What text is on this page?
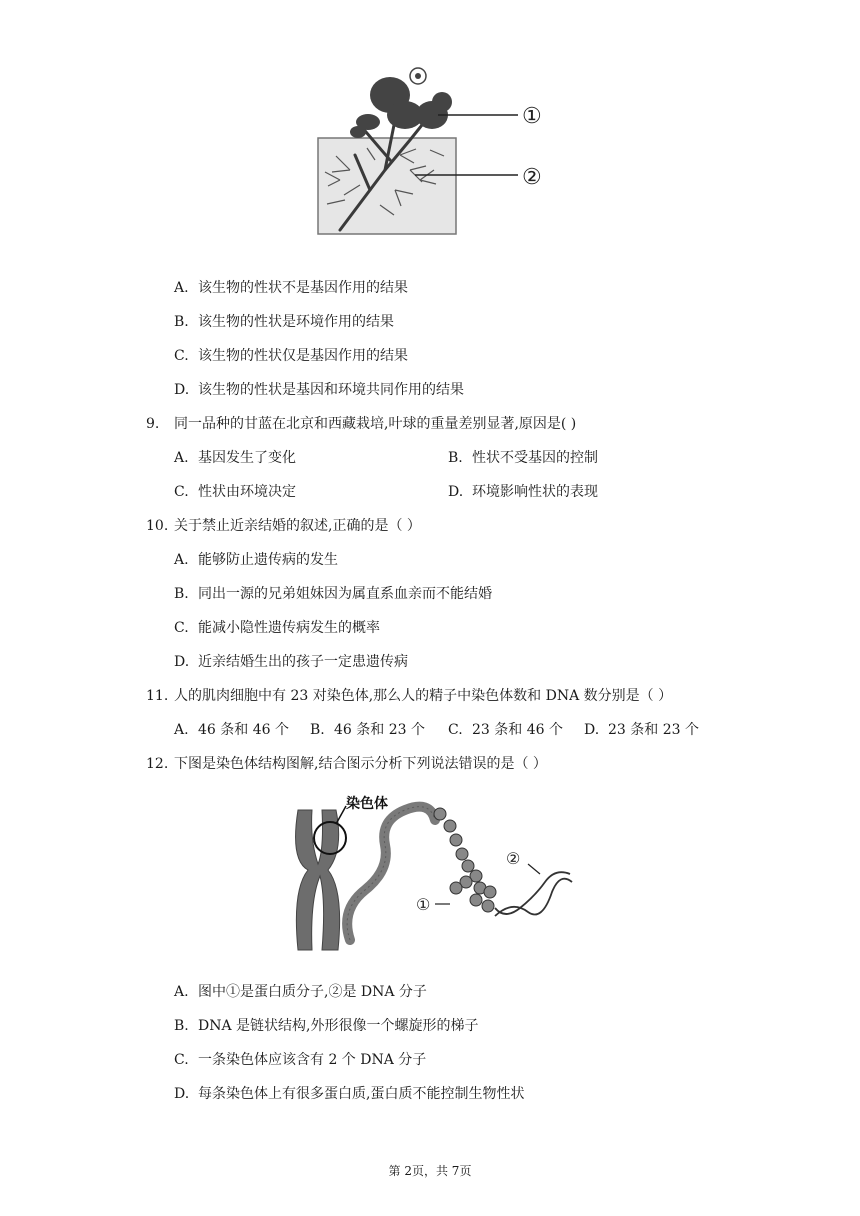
①
②
A. 该生物的性状不是基因作用的结果
B. 该生物的性状是环境作用的结果
C. 该生物的性状仅是基因作用的结果
D. 该生物的性状是基因和环境共同作用的结果
9. 同一品种的甘蓝在北京和西藏栽培,叶球的重量差别显著,原因是( )
A. 基因发生了变化	B. 性状不受基因的控制
C. 性状由环境决定	D. 环境影响性状的表现
10. 关于禁止近亲结婚的叙述,正确的是（ ）
A. 能够防止遗传病的发生
B. 同出一源的兄弟姐妹因为属直系血亲而不能结婚
C. 能减小隐性遗传病发生的概率
D. 近亲结婚生出的孩子一定患遗传病
11. 人的肌肉细胞中有 23 对染色体,那么人的精子中染色体数和 DNA 数分别是（ ）
A. 46 条和 46 个 B. 46 条和 23 个 C. 23 条和 46 个 D. 23 条和 23 个
12. 下图是染色体结构图解,结合图示分析下列说法错误的是（ ）
染色体
①
②
A. 图中①是蛋白质分子,②是 DNA 分子
B. DNA 是链状结构,外形很像一个螺旋形的梯子
C. 一条染色体应该含有 2 个 DNA 分子
D. 每条染色体上有很多蛋白质,蛋白质不能控制生物性状
第 2页，共 7页
